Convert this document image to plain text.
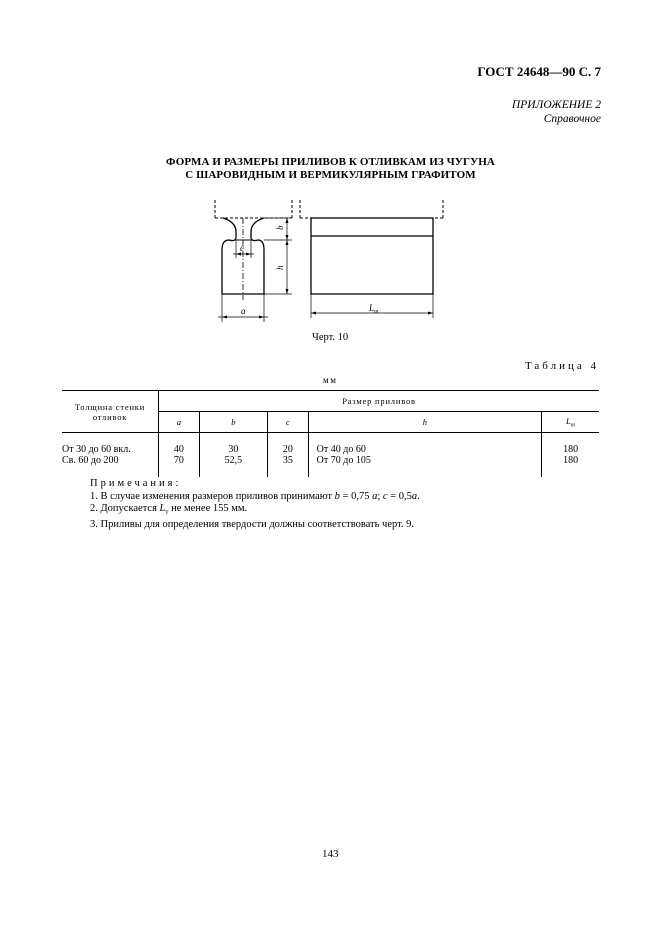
ГОСТ 24648—90 С. 7
ПРИЛОЖЕНИЕ 2
Справочное
ФОРМА И РАЗМЕРЫ ПРИЛИВОВ К ОТЛИВКАМ ИЗ ЧУГУНА
С ШАРОВИДНЫМ И ВЕРМИКУЛЯРНЫМ ГРАФИТОМ
c
a
b
h
$L_т$
Черт. 10
Таблица 4
мм
Толщина стенки
отливок	Размер приливов				
	a	b	c	h	$L_т$

От 30 до 60 вкл.	40	30	20	От 40 до 60	180
Св. 60 до 200	70	52,5	35	От 70 до 105	180

Примечания:
1. В случае изменения размеров приливов принимают b = 0,75 a; c = 0,5a.
2. Допускается $L_т$ не менее 155 мм.
3. Приливы для определения твердости должны соответствовать черт. 9.
143
